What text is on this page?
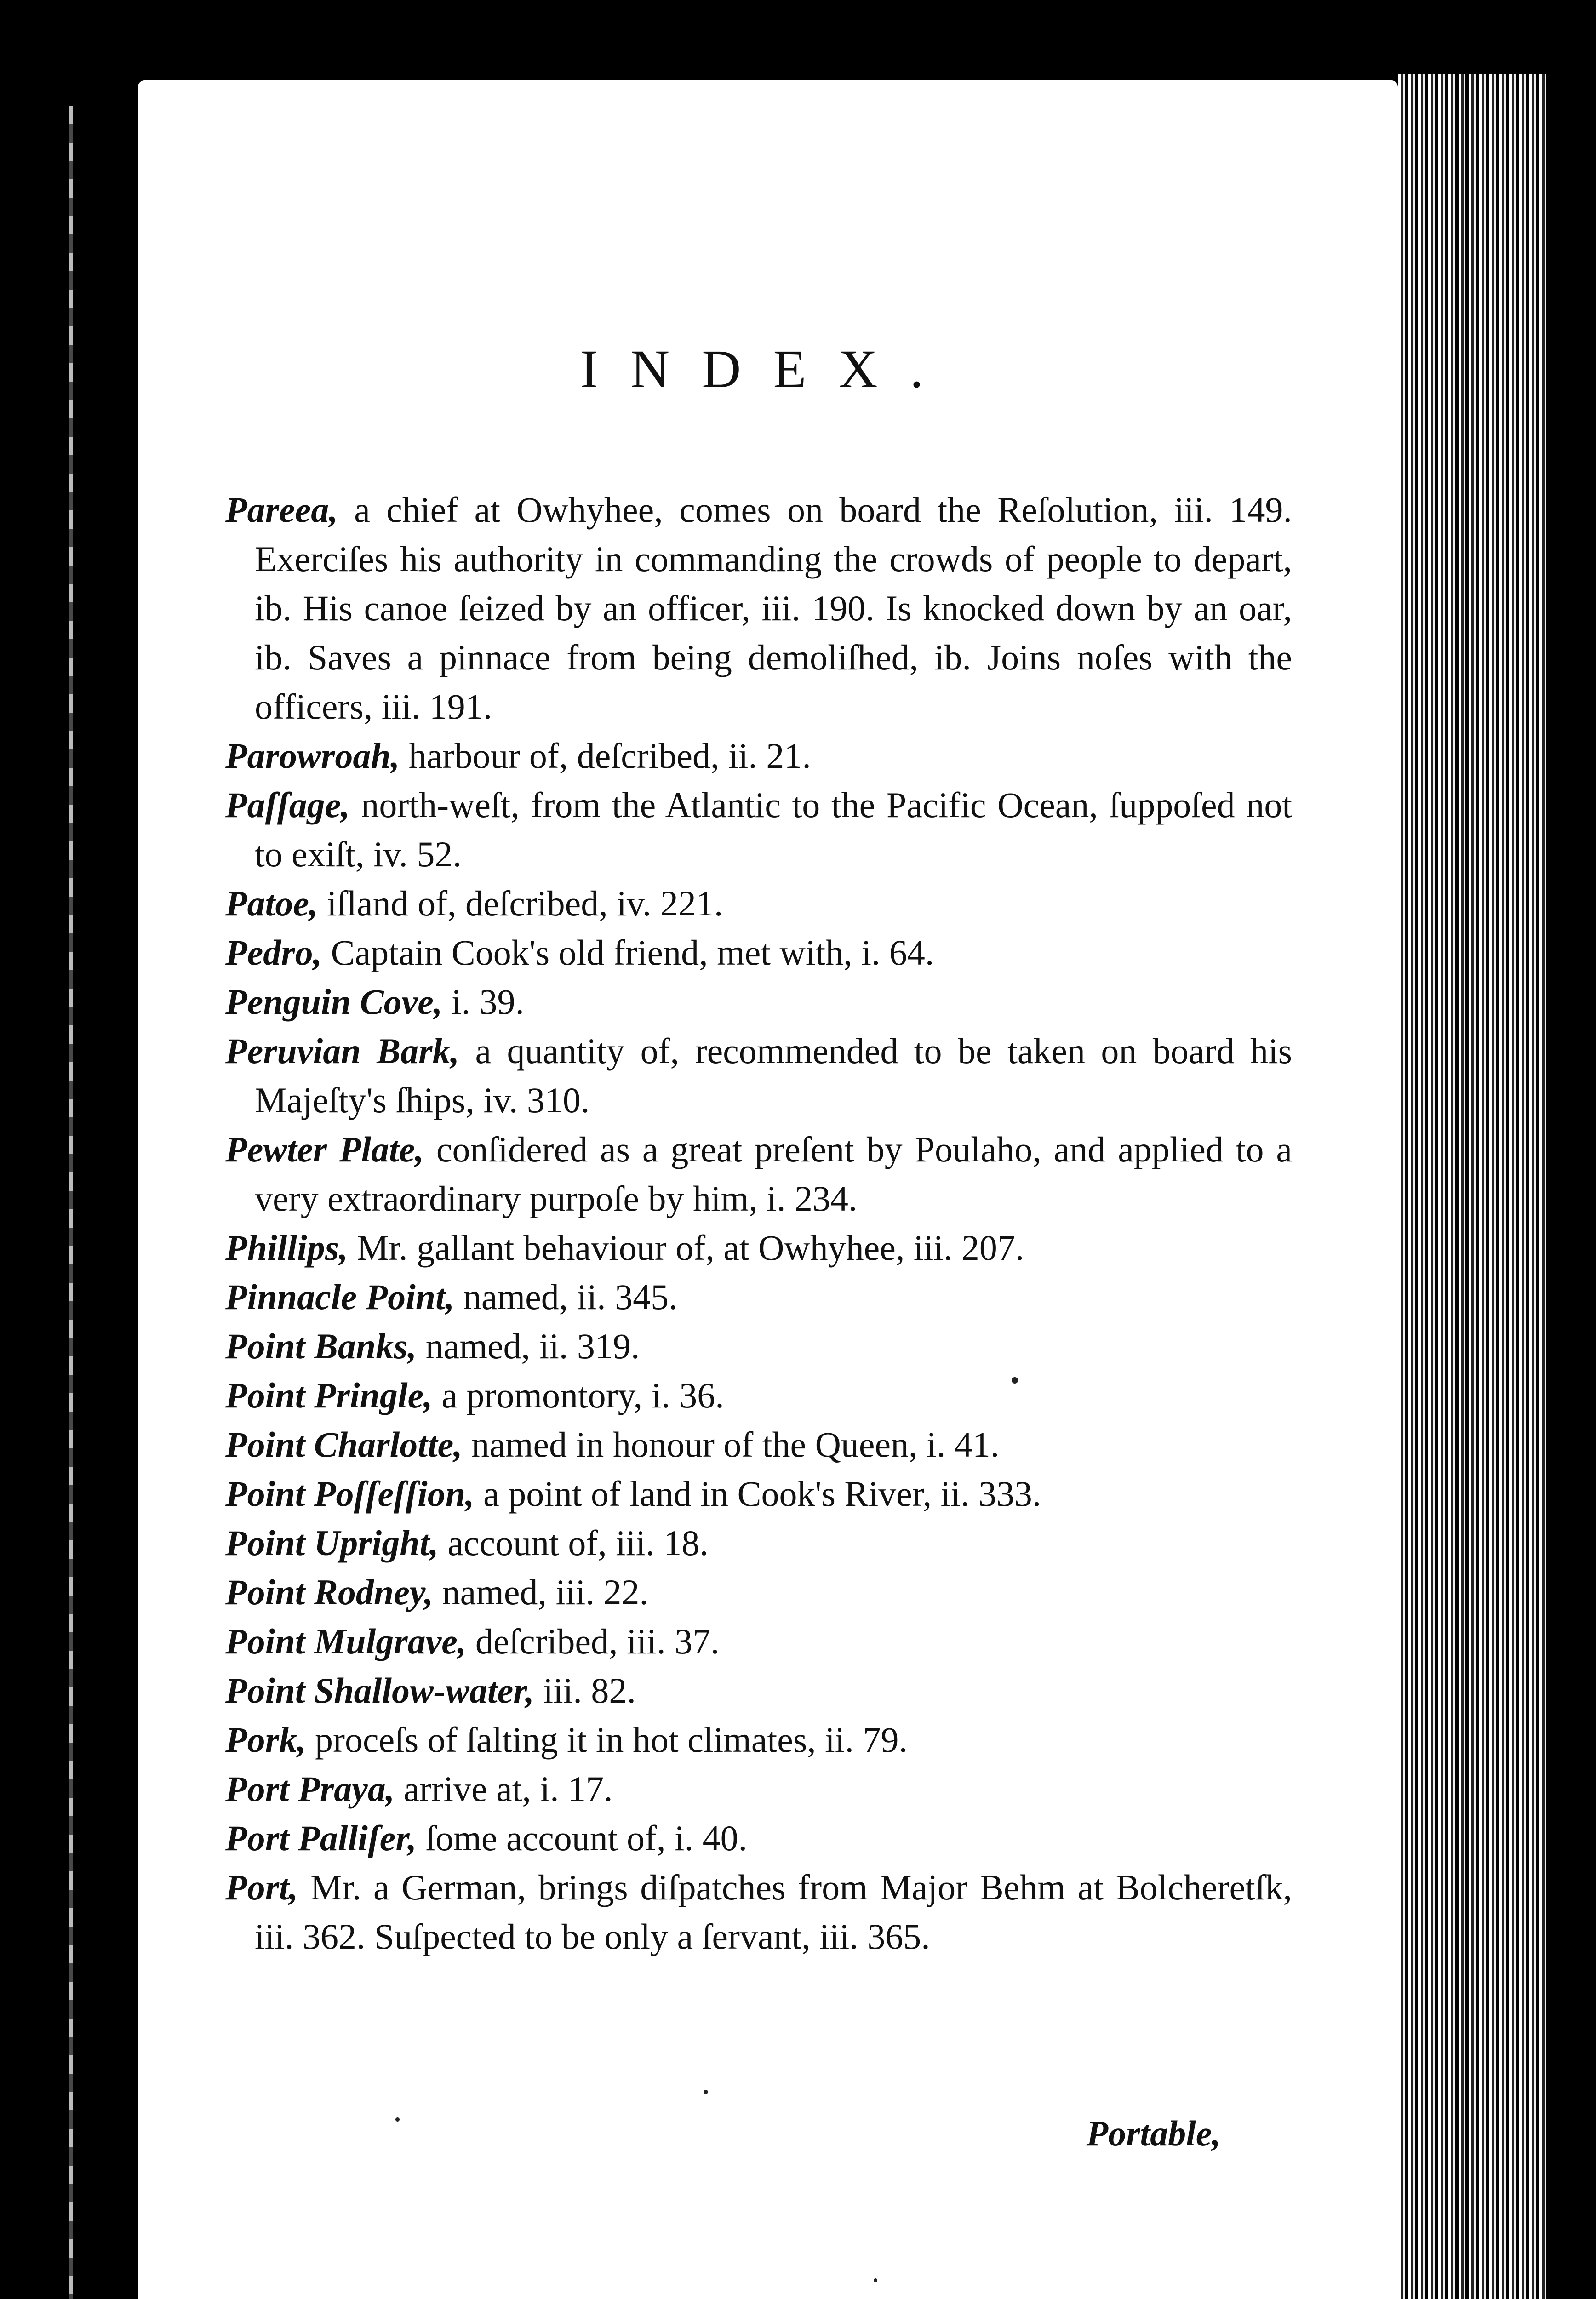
INDEX.
Pareea, a chief at Owhyhee, comes on board the Reſolution, iii. 149. Exerciſes his authority in commanding the crowds of people to depart, ib. His canoe ſeized by an officer, iii. 190. Is knocked down by an oar, ib. Saves a pinnace from being demoliſhed, ib. Joins noſes with the officers, iii. 191.
Parowroah, harbour of, deſcribed, ii. 21.
Paſſage, north-weſt, from the Atlantic to the Pacific Ocean, ſuppoſed not to exiſt, iv. 52.
Patoe, iſland of, deſcribed, iv. 221.
Pedro, Captain Cook's old friend, met with, i. 64.
Penguin Cove, i. 39.
Peruvian Bark, a quantity of, recommended to be taken on board his Majeſty's ſhips, iv. 310.
Pewter Plate, conſidered as a great preſent by Poulaho, and applied to a very extraordinary purpoſe by him, i. 234.
Phillips, Mr. gallant behaviour of, at Owhyhee, iii. 207.
Pinnacle Point, named, ii. 345.
Point Banks, named, ii. 319.
Point Pringle, a promontory, i. 36.
Point Charlotte, named in honour of the Queen, i. 41.
Point Poſſeſſion, a point of land in Cook's River, ii. 333.
Point Upright, account of, iii. 18.
Point Rodney, named, iii. 22.
Point Mulgrave, deſcribed, iii. 37.
Point Shallow-water, iii. 82.
Pork, proceſs of ſalting it in hot climates, ii. 79.
Port Praya, arrive at, i. 17.
Port Palliſer, ſome account of, i. 40.
Port, Mr. a German, brings diſpatches from Major Behm at Bolcheretſk, iii. 362. Suſpected to be only a ſervant, iii. 365.
Portable,
